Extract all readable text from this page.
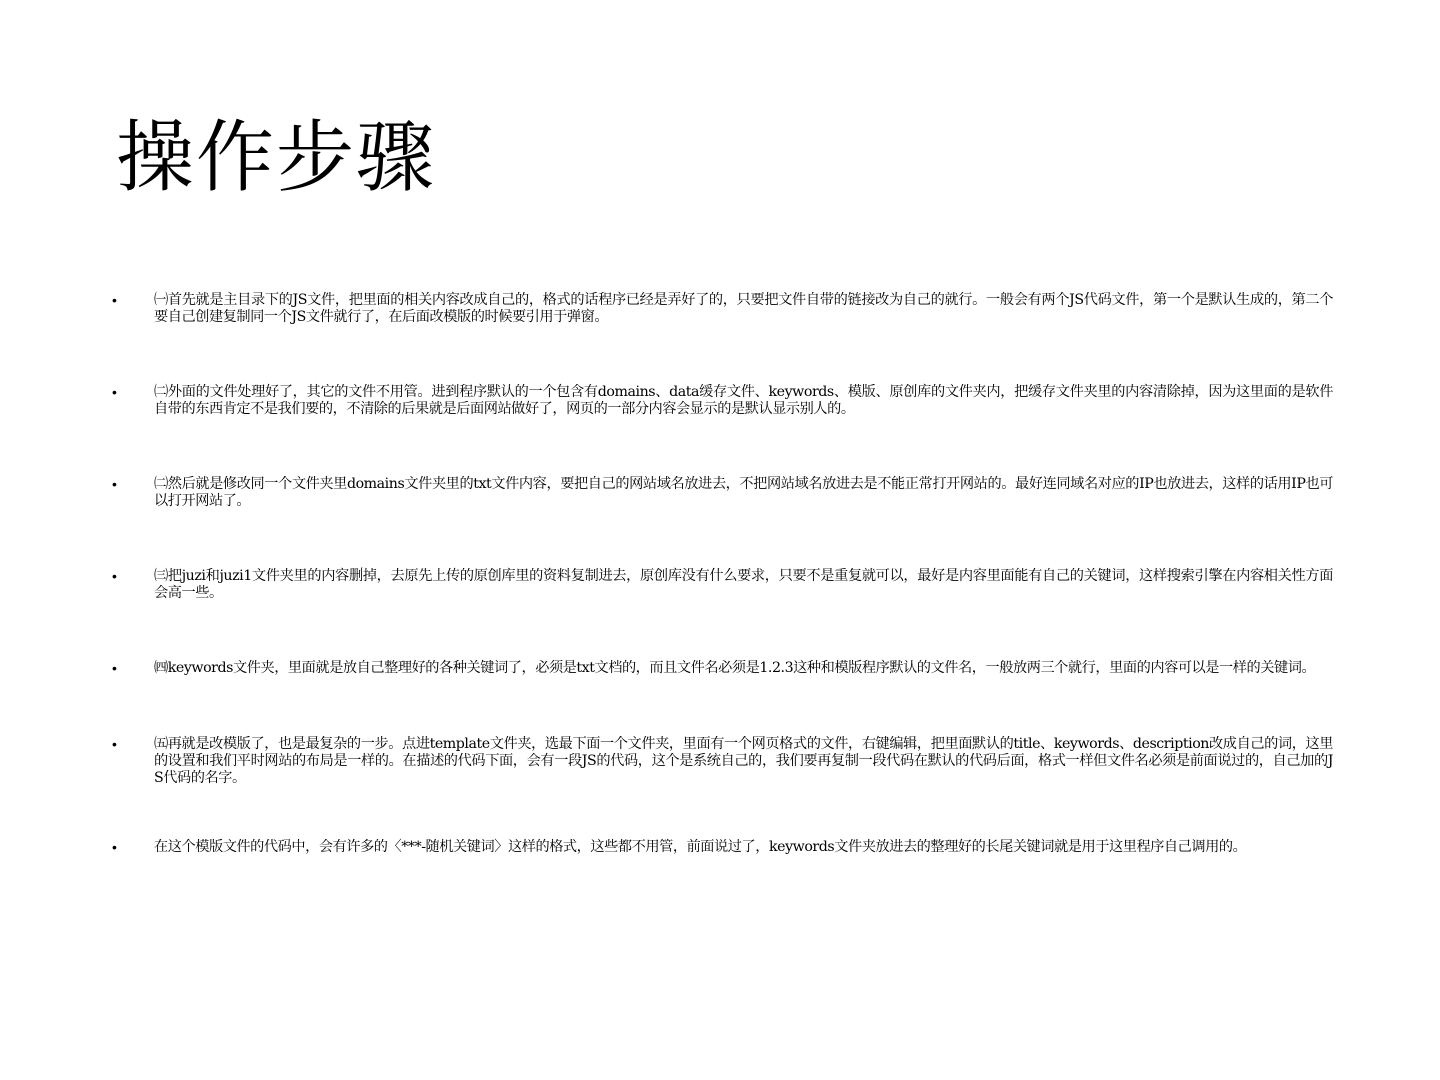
操作步骤
•	㈠首先就是主目录下的JS文件，把里面的相关内容改成自己的，格式的话程序已经是弄好了的，只要把文件自带的链接改为自己的就行。一般会有两个JS代码文件，第一个是默认生成的，第二个要自己创建复制同一个JS文件就行了，在后面改模版的时候要引用于弹窗。
•	㈡外面的文件处理好了，其它的文件不用管。进到程序默认的一个包含有domains、data缓存文件、keywords、模版、原创库的文件夹内，把缓存文件夹里的内容清除掉，因为这里面的是软件自带的东西肯定不是我们要的，不清除的后果就是后面网站做好了，网页的一部分内容会显示的是默认显示别人的。
•	㈡然后就是修改同一个文件夹里domains文件夹里的txt文件内容，要把自己的网站域名放进去，不把网站域名放进去是不能正常打开网站的。最好连同域名对应的IP也放进去，这样的话用IP也可以打开网站了。
•	㈢把juzi和juzi1文件夹里的内容删掉，去原先上传的原创库里的资料复制进去，原创库没有什么要求，只要不是重复就可以，最好是内容里面能有自己的关键词，这样搜索引擎在内容相关性方面会高一些。
•	㈣keywords文件夹，里面就是放自己整理好的各种关键词了，必须是txt文档的，而且文件名必须是1.2.3这种和模版程序默认的文件名，一般放两三个就行，里面的内容可以是一样的关键词。
•	㈤再就是改模版了，也是最复杂的一步。点进template文件夹，选最下面一个文件夹，里面有一个网页格式的文件，右键编辑，把里面默认的title、keywords、description改成自己的词，这里的设置和我们平时网站的布局是一样的。在描述的代码下面，会有一段JS的代码，这个是系统自己的，我们要再复制一段代码在默认的代码后面，格式一样但文件名必须是前面说过的，自己加的JS代码的名字。
•	在这个模版文件的代码中，会有许多的〈***-随机关键词〉这样的格式，这些都不用管，前面说过了，keywords文件夹放进去的整理好的长尾关键词就是用于这里程序自己调用的。
